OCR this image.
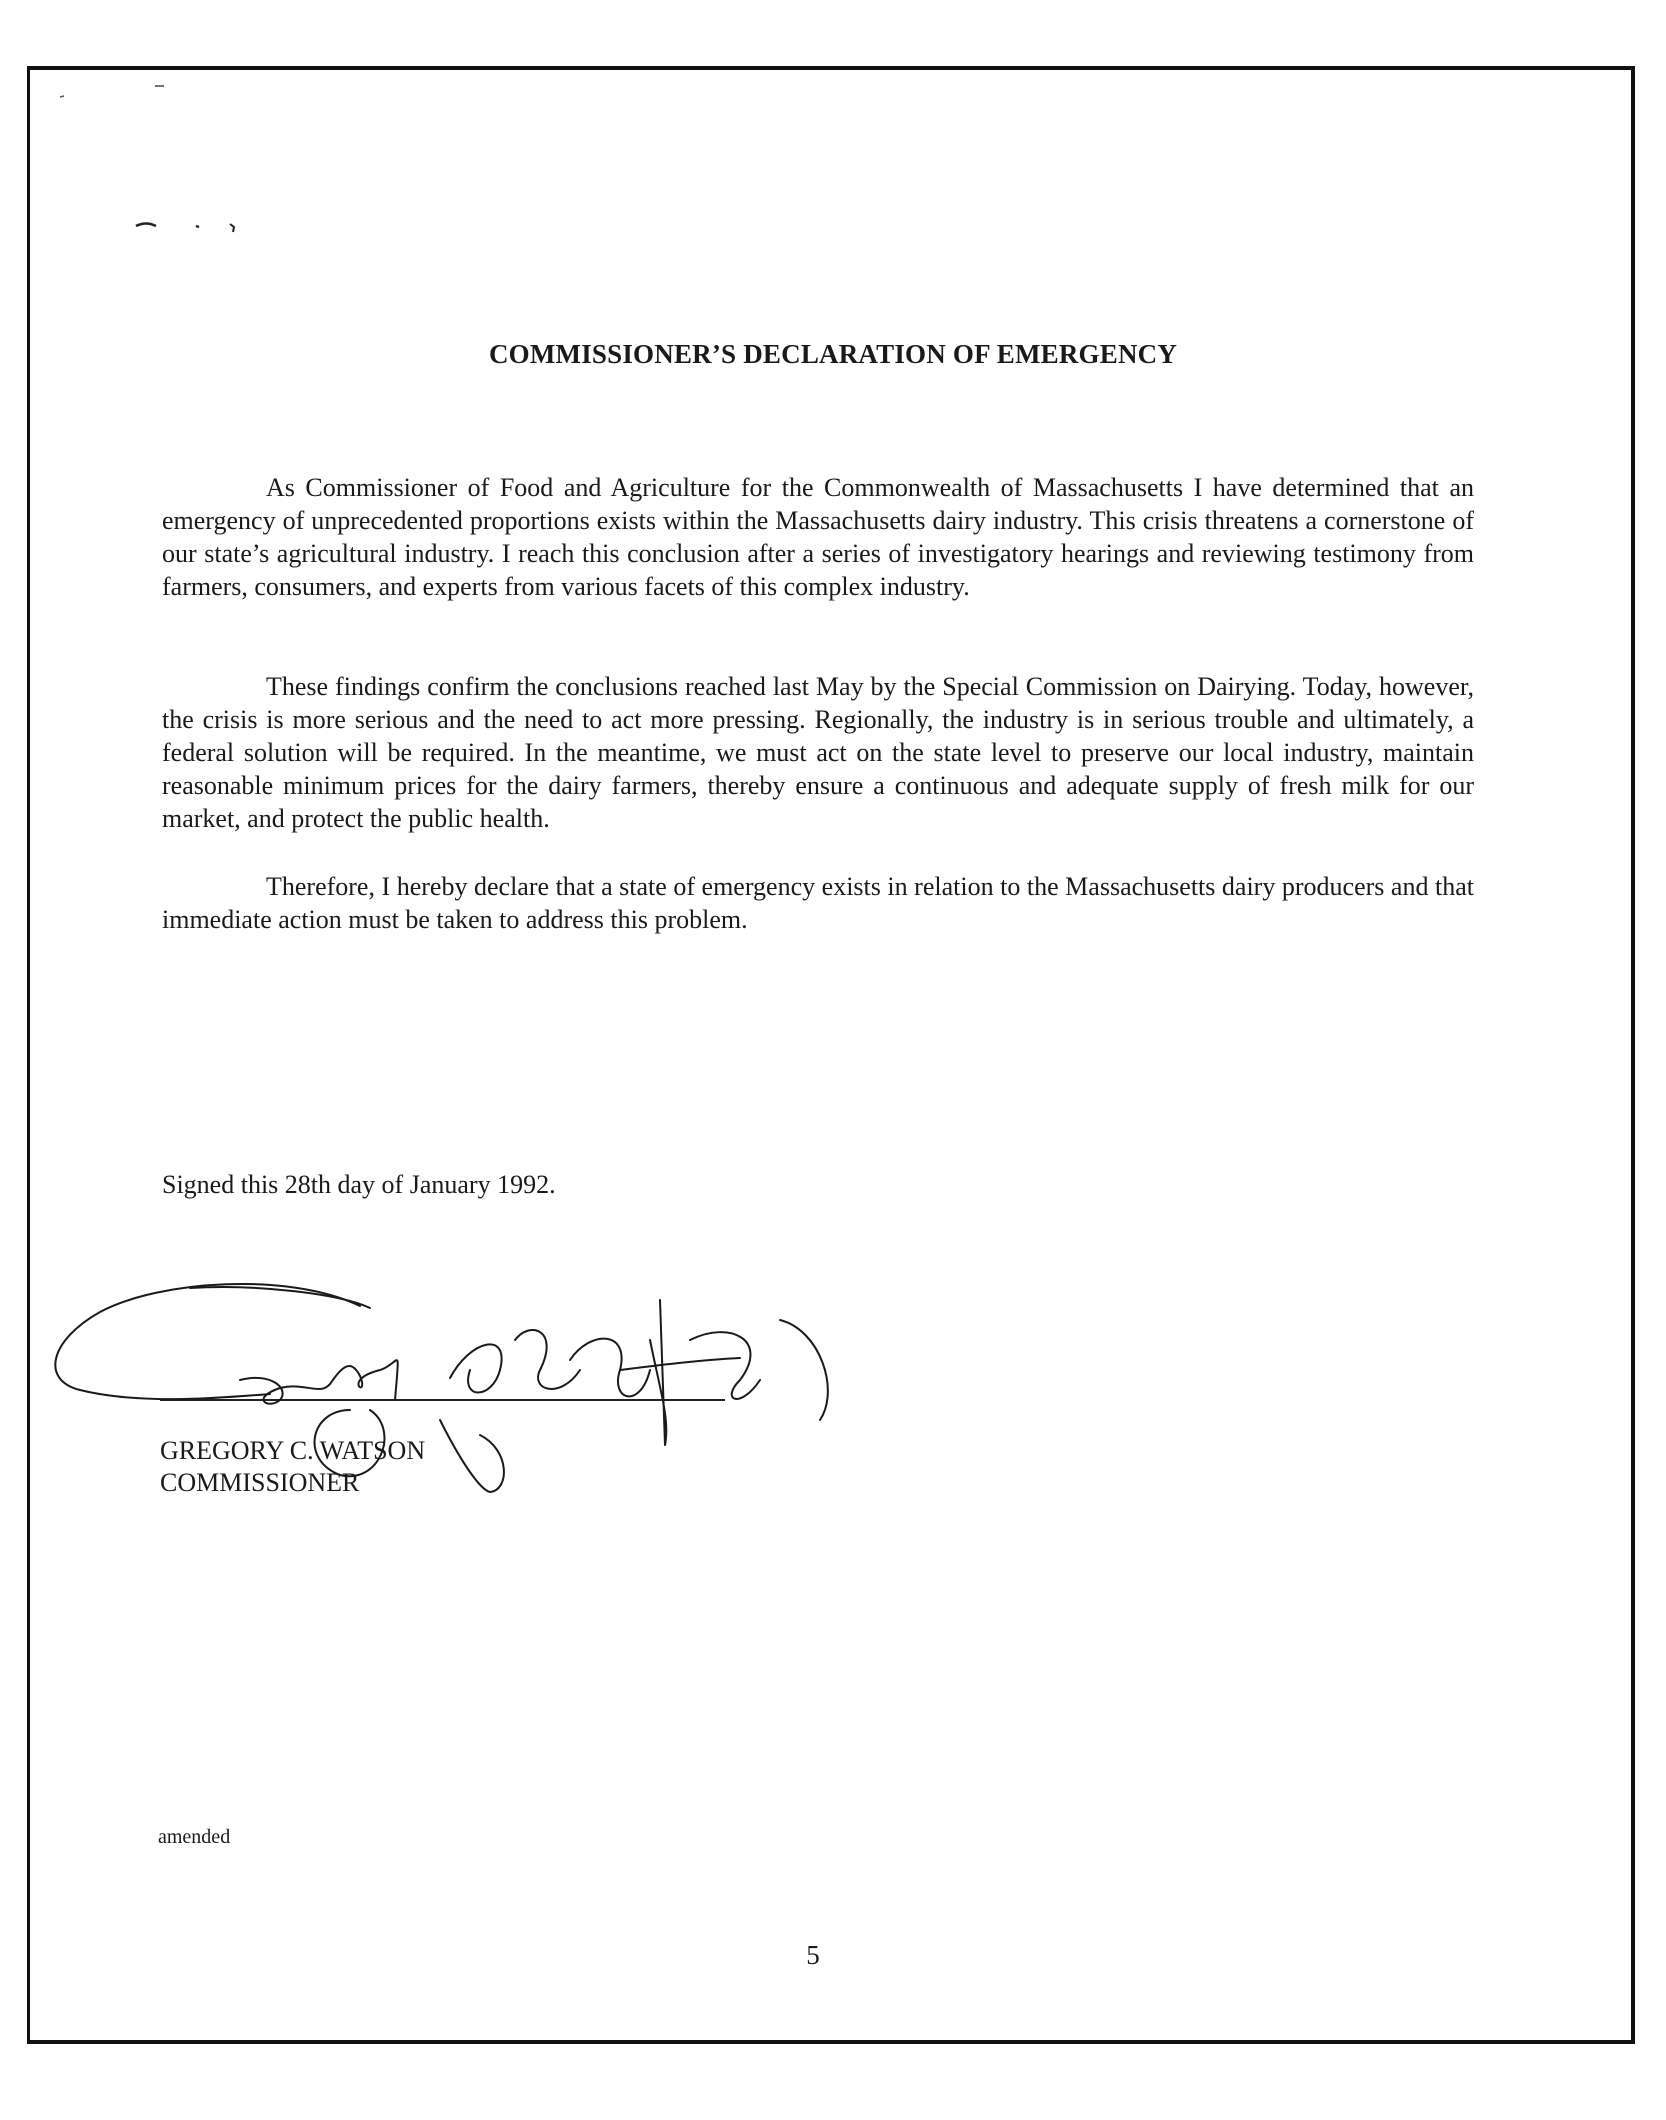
COMMISSIONER’S DECLARATION OF EMERGENCY

As Commissioner of Food and Agriculture for the Commonwealth of Massachusetts I have determined that an emergency of unprecedented proportions exists within the Massachusetts dairy industry. This crisis threatens a cornerstone of our state’s agricultural industry. I reach this conclusion after a series of investigatory hearings and reviewing testimony from farmers, consumers, and experts from various facets of this complex industry.

These findings confirm the conclusions reached last May by the Special Commission on Dairying. Today, however, the crisis is more serious and the need to act more pressing. Regionally, the industry is in serious trouble and ultimately, a federal solution will be required. In the meantime, we must act on the state level to preserve our local industry, maintain reasonable minimum prices for the dairy farmers, thereby ensure a continuous and adequate supply of fresh milk for our market, and protect the public health.

Therefore, I hereby declare that a state of emergency exists in relation to the Massachusetts dairy producers and that immediate action must be taken to address this problem.

Signed this 28th day of January 1992.
GREGORY C. WATSON
COMMISSIONER
amended
5
